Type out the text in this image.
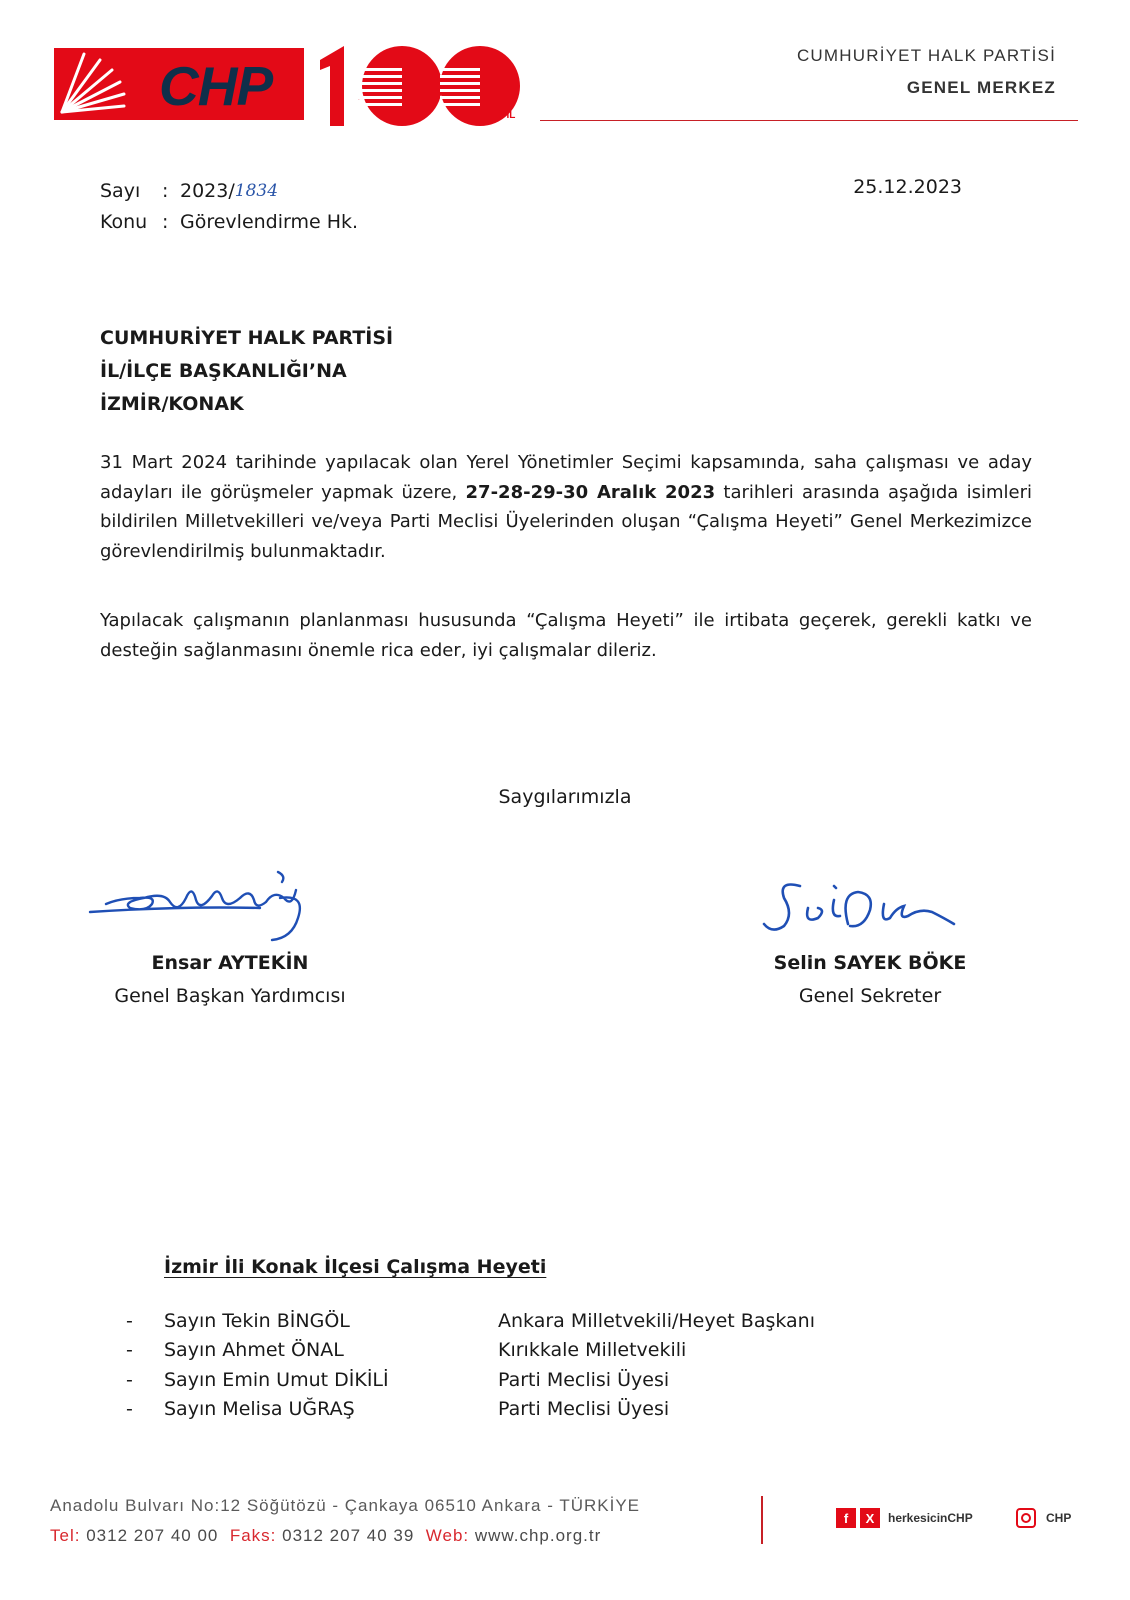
CHP	100
.YIL
CUMHURİYET HALK PARTİSİ
GENEL MERKEZ
Sayı	: 2023/ 1834
Konu : Görevlendirme Hk.
25.12.2023
CUMHURİYET HALK PARTİSİ
İL/İLÇE BAŞKANLIĞI’NA
İZMİR/KONAK
31 Mart 2024 tarihinde yapılacak olan Yerel Yönetimler Seçimi kapsamında, saha çalışması ve aday adayları ile görüşmeler yapmak üzere, 27-28-29-30 Aralık 2023 tarihleri arasında aşağıda isimleri bildirilen Milletvekilleri ve/veya Parti Meclisi Üyelerinden oluşan “Çalışma Heyeti” Genel Merkezimizce görevlendirilmiş bulunmaktadır.
Yapılacak çalışmanın planlanması hususunda “Çalışma Heyeti” ile irtibata geçerek, gerekli katkı ve desteğin sağlanmasını önemle rica eder, iyi çalışmalar dileriz.
Saygılarımızla
Ensar AYTEKİN
Genel Başkan Yardımcısı
Selin SAYEK BÖKE
Genel Sekreter
İzmir İli Konak İlçesi Çalışma Heyeti
-	Sayın Tekin BİNGÖL	Ankara Milletvekili/Heyet Başkanı
-	Sayın Ahmet ÖNAL	Kırıkkale Milletvekili
-	Sayın Emin Umut DİKİLİ	Parti Meclisi Üyesi
-	Sayın Melisa UĞRAŞ	Parti Meclisi Üyesi
Anadolu Bulvarı No:12 Söğütözü - Çankaya 06510 Ankara - TÜRKİYE
Tel: 0312 207 40 00 Faks: 0312 207 40 39 Web: www.chp.org.tr
f	X	herkesicinCHP	CHP
